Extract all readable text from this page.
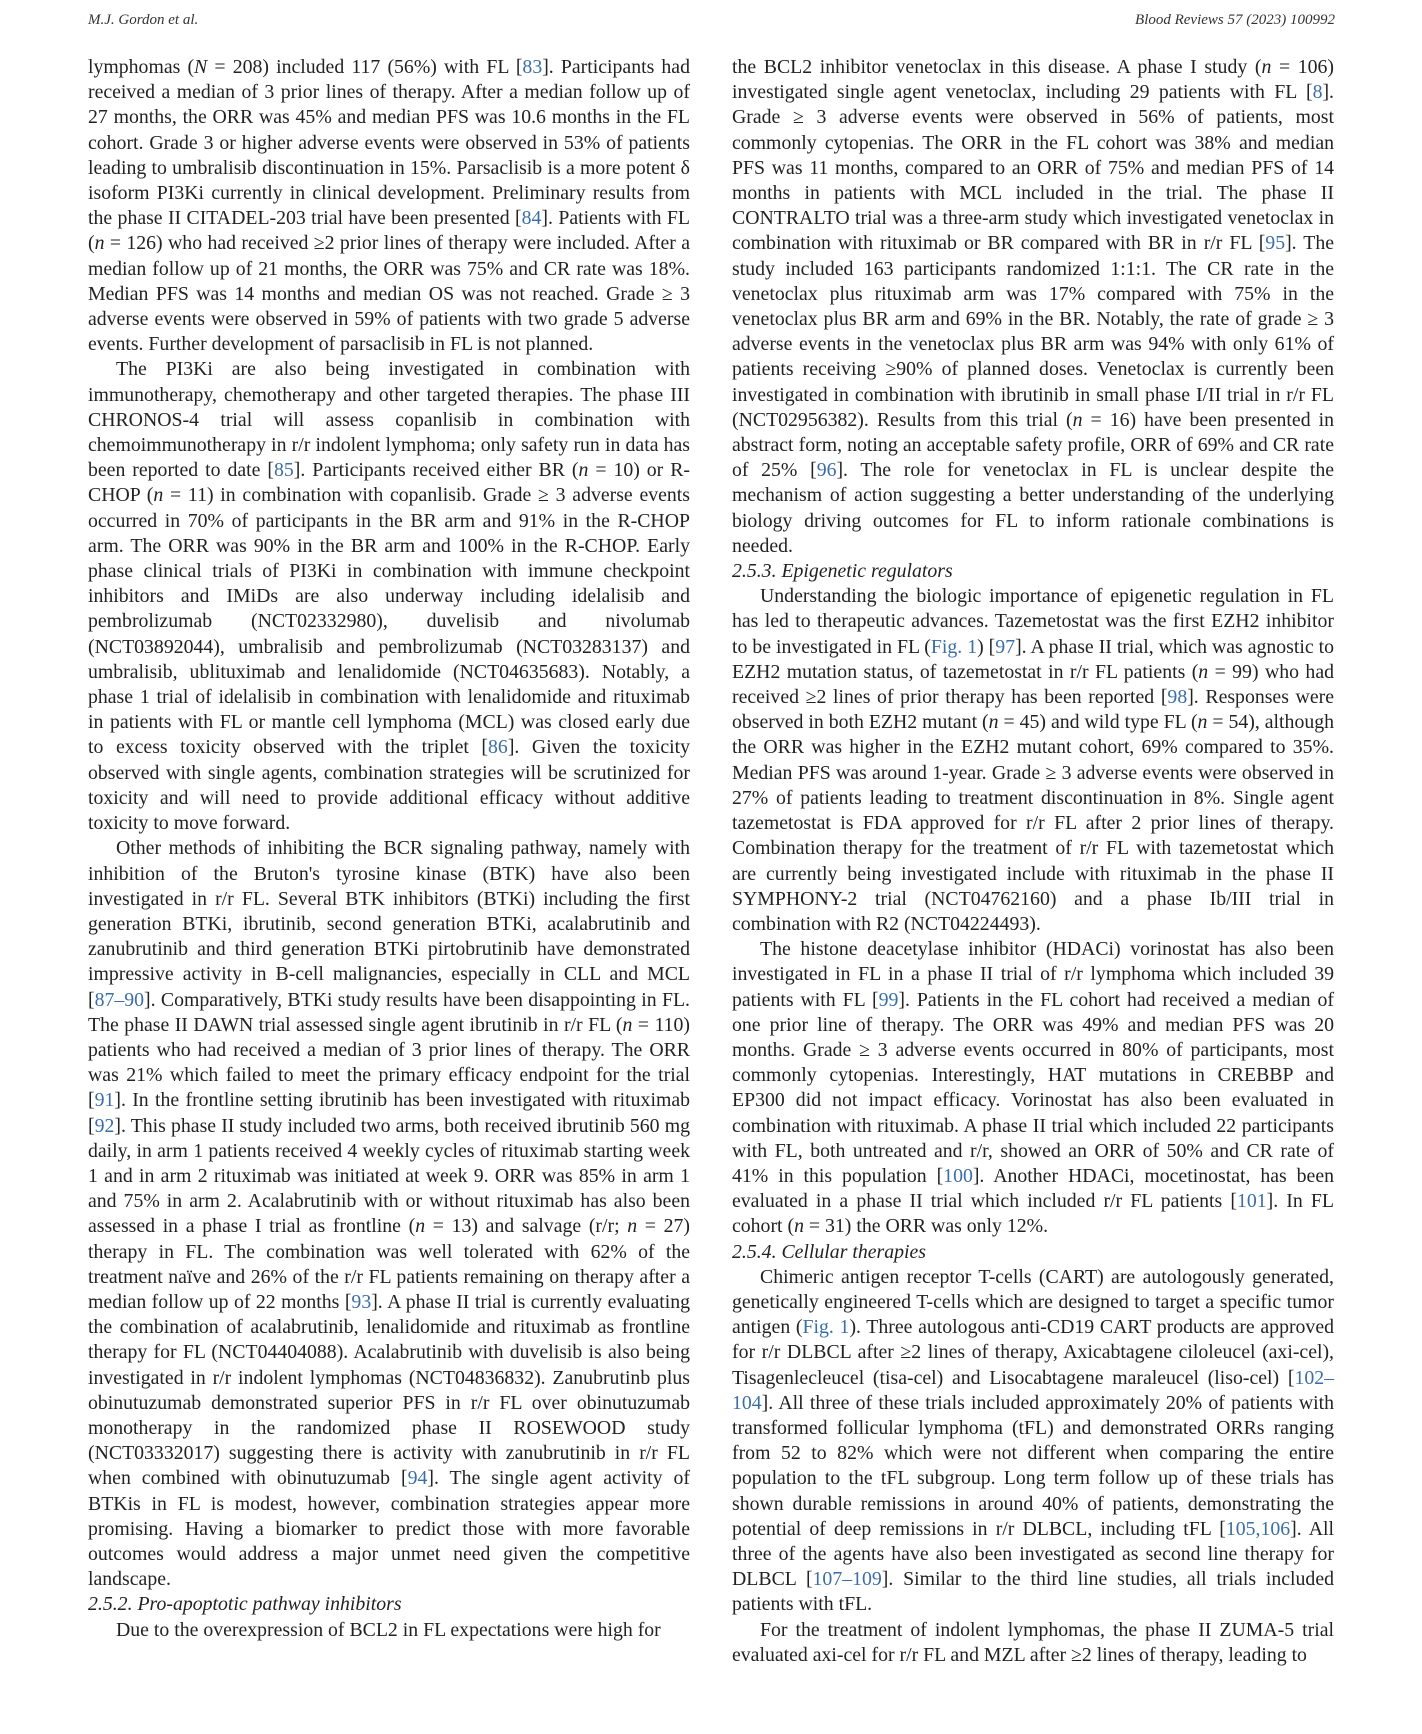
M.J. Gordon et al.	Blood Reviews 57 (2023) 100992

lymphomas (N = 208) included 117 (56%) with FL [83]. Participants had received a median of 3 prior lines of therapy. After a median follow up of 27 months, the ORR was 45% and median PFS was 10.6 months in the FL cohort. Grade 3 or higher adverse events were observed in 53% of patients leading to umbralisib discontinuation in 15%. Parsaclisib is a more potent δ isoform PI3Ki currently in clinical development. Preliminary results from the phase II CITADEL-203 trial have been presented [84]. Patients with FL (n = 126) who had received ≥2 prior lines of therapy were included. After a median follow up of 21 months, the ORR was 75% and CR rate was 18%. Median PFS was 14 months and median OS was not reached. Grade ≥ 3 adverse events were observed in 59% of patients with two grade 5 adverse events. Further development of parsaclisib in FL is not planned.

The PI3Ki are also being investigated in combination with immunotherapy, chemotherapy and other targeted therapies. The phase III CHRONOS-4 trial will assess copanlisib in combination with chemoimmunotherapy in r/r indolent lymphoma; only safety run in data has been reported to date [85]. Participants received either BR (n = 10) or R-CHOP (n = 11) in combination with copanlisib. Grade ≥ 3 adverse events occurred in 70% of participants in the BR arm and 91% in the R-CHOP arm. The ORR was 90% in the BR arm and 100% in the R-CHOP. Early phase clinical trials of PI3Ki in combination with immune checkpoint inhibitors and IMiDs are also underway including idelalisib and pembrolizumab (NCT02332980), duvelisib and nivolumab (NCT03892044), umbralisib and pembrolizumab (NCT03283137) and umbralisib, ublituximab and lenalidomide (NCT04635683). Notably, a phase 1 trial of idelalisib in combination with lenalidomide and rituximab in patients with FL or mantle cell lymphoma (MCL) was closed early due to excess toxicity observed with the triplet [86]. Given the toxicity observed with single agents, combination strategies will be scrutinized for toxicity and will need to provide additional efficacy without additive toxicity to move forward.

Other methods of inhibiting the BCR signaling pathway, namely with inhibition of the Bruton's tyrosine kinase (BTK) have also been investigated in r/r FL. Several BTK inhibitors (BTKi) including the first generation BTKi, ibrutinib, second generation BTKi, acalabrutinib and zanubrutinib and third generation BTKi pirtobrutinib have demonstrated impressive activity in B-cell malignancies, especially in CLL and MCL [87–90]. Comparatively, BTKi study results have been disappointing in FL. The phase II DAWN trial assessed single agent ibrutinib in r/r FL (n = 110) patients who had received a median of 3 prior lines of therapy. The ORR was 21% which failed to meet the primary efficacy endpoint for the trial [91]. In the frontline setting ibrutinib has been investigated with rituximab [92]. This phase II study included two arms, both received ibrutinib 560 mg daily, in arm 1 patients received 4 weekly cycles of rituximab starting week 1 and in arm 2 rituximab was initiated at week 9. ORR was 85% in arm 1 and 75% in arm 2. Acalabrutinib with or without rituximab has also been assessed in a phase I trial as frontline (n = 13) and salvage (r/r; n = 27) therapy in FL. The combination was well tolerated with 62% of the treatment naïve and 26% of the r/r FL patients remaining on therapy after a median follow up of 22 months [93]. A phase II trial is currently evaluating the combination of acalabrutinib, lenalidomide and rituximab as frontline therapy for FL (NCT04404088). Acalabrutinib with duvelisib is also being investigated in r/r indolent lymphomas (NCT04836832). Zanubrutinb plus obinutuzumab demonstrated superior PFS in r/r FL over obinutuzumab monotherapy in the randomized phase II ROSEWOOD study (NCT03332017) suggesting there is activity with zanubrutinib in r/r FL when combined with obinutuzumab [94]. The single agent activity of BTKis in FL is modest, however, combination strategies appear more promising. Having a biomarker to predict those with more favorable outcomes would address a major unmet need given the competitive landscape.

2.5.2. Pro-apoptotic pathway inhibitors

Due to the overexpression of BCL2 in FL expectations were high for

the BCL2 inhibitor venetoclax in this disease. A phase I study (n = 106) investigated single agent venetoclax, including 29 patients with FL [8]. Grade ≥ 3 adverse events were observed in 56% of patients, most commonly cytopenias. The ORR in the FL cohort was 38% and median PFS was 11 months, compared to an ORR of 75% and median PFS of 14 months in patients with MCL included in the trial. The phase II CONTRALTO trial was a three-arm study which investigated venetoclax in combination with rituximab or BR compared with BR in r/r FL [95]. The study included 163 participants randomized 1:1:1. The CR rate in the venetoclax plus rituximab arm was 17% compared with 75% in the venetoclax plus BR arm and 69% in the BR. Notably, the rate of grade ≥ 3 adverse events in the venetoclax plus BR arm was 94% with only 61% of patients receiving ≥90% of planned doses. Venetoclax is currently been investigated in combination with ibrutinib in small phase I/II trial in r/r FL (NCT02956382). Results from this trial (n = 16) have been presented in abstract form, noting an acceptable safety profile, ORR of 69% and CR rate of 25% [96]. The role for venetoclax in FL is unclear despite the mechanism of action suggesting a better understanding of the underlying biology driving outcomes for FL to inform rationale combinations is needed.

2.5.3. Epigenetic regulators

Understanding the biologic importance of epigenetic regulation in FL has led to therapeutic advances. Tazemetostat was the first EZH2 inhibitor to be investigated in FL (Fig. 1) [97]. A phase II trial, which was agnostic to EZH2 mutation status, of tazemetostat in r/r FL patients (n = 99) who had received ≥2 lines of prior therapy has been reported [98]. Responses were observed in both EZH2 mutant (n = 45) and wild type FL (n = 54), although the ORR was higher in the EZH2 mutant cohort, 69% compared to 35%. Median PFS was around 1-year. Grade ≥ 3 adverse events were observed in 27% of patients leading to treatment discontinuation in 8%. Single agent tazemetostat is FDA approved for r/r FL after 2 prior lines of therapy. Combination therapy for the treatment of r/r FL with tazemetostat which are currently being investigated include with rituximab in the phase II SYMPHONY-2 trial (NCT04762160) and a phase Ib/III trial in combination with R2 (NCT04224493).

The histone deacetylase inhibitor (HDACi) vorinostat has also been investigated in FL in a phase II trial of r/r lymphoma which included 39 patients with FL [99]. Patients in the FL cohort had received a median of one prior line of therapy. The ORR was 49% and median PFS was 20 months. Grade ≥ 3 adverse events occurred in 80% of participants, most commonly cytopenias. Interestingly, HAT mutations in CREBBP and EP300 did not impact efficacy. Vorinostat has also been evaluated in combination with rituximab. A phase II trial which included 22 participants with FL, both untreated and r/r, showed an ORR of 50% and CR rate of 41% in this population [100]. Another HDACi, mocetinostat, has been evaluated in a phase II trial which included r/r FL patients [101]. In FL cohort (n = 31) the ORR was only 12%.

2.5.4. Cellular therapies

Chimeric antigen receptor T-cells (CART) are autologously generated, genetically engineered T-cells which are designed to target a specific tumor antigen (Fig. 1). Three autologous anti-CD19 CART products are approved for r/r DLBCL after ≥2 lines of therapy, Axicabtagene ciloleucel (axi-cel), Tisagenlecleucel (tisa-cel) and Lisocabtagene maraleucel (liso-cel) [102–104]. All three of these trials included approximately 20% of patients with transformed follicular lymphoma (tFL) and demonstrated ORRs ranging from 52 to 82% which were not different when comparing the entire population to the tFL subgroup. Long term follow up of these trials has shown durable remissions in around 40% of patients, demonstrating the potential of deep remissions in r/r DLBCL, including tFL [105,106]. All three of the agents have also been investigated as second line therapy for DLBCL [107–109]. Similar to the third line studies, all trials included patients with tFL.

For the treatment of indolent lymphomas, the phase II ZUMA-5 trial evaluated axi-cel for r/r FL and MZL after ≥2 lines of therapy, leading to
